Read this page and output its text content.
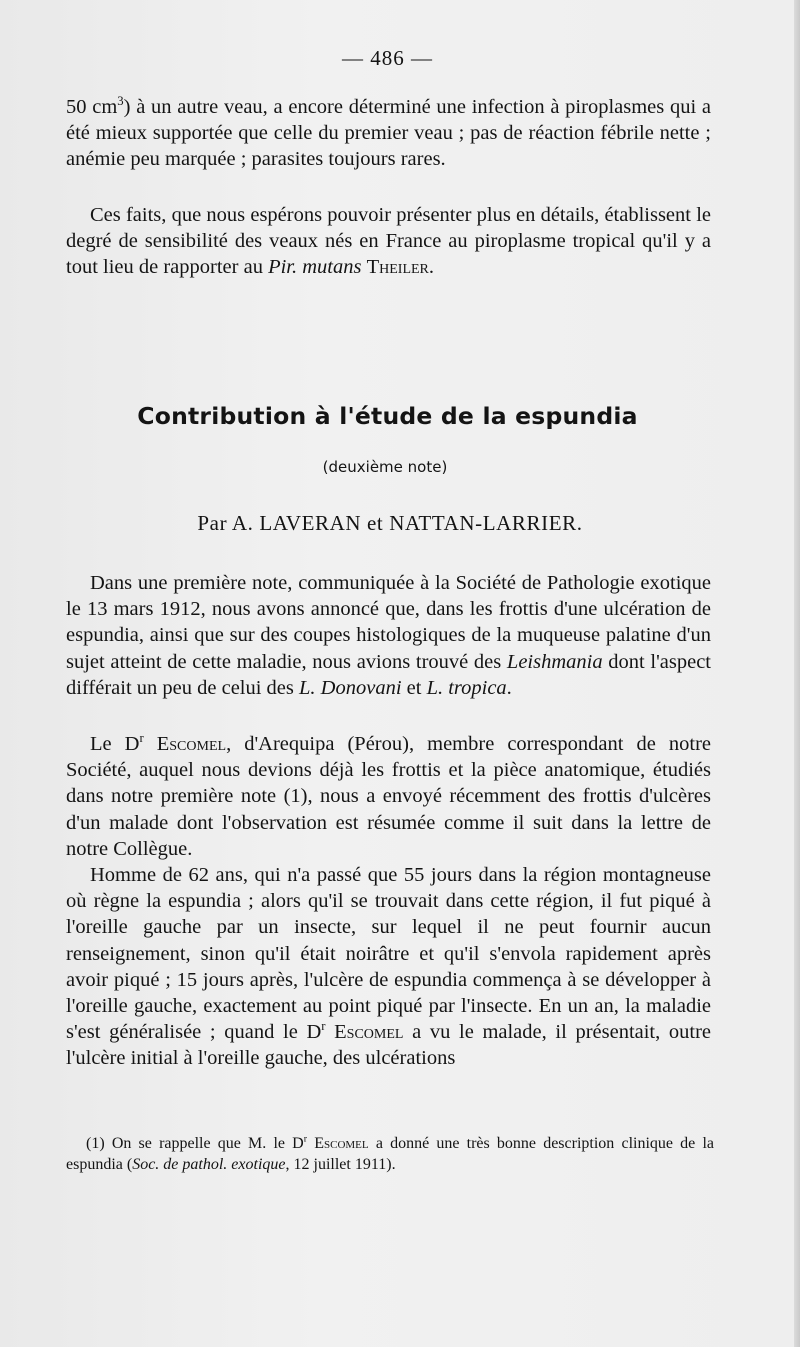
— 486 —

50 $cm^3$) à un autre veau, a encore déterminé une infection à piroplasmes qui a été mieux supportée que celle du premier veau ; pas de réaction fébrile nette ; anémie peu marquée ; parasites toujours rares.

Ces faits, que nous espérons pouvoir présenter plus en détails, établissent le degré de sensibilité des veaux nés en France au piroplasme tropical qu'il y a tout lieu de rapporter au Pir. mutans Theiler.

Contribution à l'étude de la espundia
(deuxième note)
Par A. LAVERAN et NATTAN-LARRIER.

Dans une première note, communiquée à la Société de Pathologie exotique le 13 mars 1912, nous avons annoncé que, dans les frottis d'une ulcération de espundia, ainsi que sur des coupes histologiques de la muqueuse palatine d'un sujet atteint de cette maladie, nous avions trouvé des Leishmania dont l'aspect différait un peu de celui des L. Donovani et L. tropica.

Le $D^r$ Escomel, d'Arequipa (Pérou), membre correspondant de notre Société, auquel nous devions déjà les frottis et la pièce anatomique, étudiés dans notre première note (1), nous a envoyé récemment des frottis d'ulcères d'un malade dont l'observation est résumée comme il suit dans la lettre de notre Collègue.

Homme de 62 ans, qui n'a passé que 55 jours dans la région montagneuse où règne la espundia ; alors qu'il se trouvait dans cette région, il fut piqué à l'oreille gauche par un insecte, sur lequel il ne peut fournir aucun renseignement, sinon qu'il était noirâtre et qu'il s'envola rapidement après avoir piqué ; 15 jours après, l'ulcère de espundia commença à se développer à l'oreille gauche, exactement au point piqué par l'insecte. En un an, la maladie s'est généralisée ; quand le $D^r$ Escomel a vu le malade, il présentait, outre l'ulcère initial à l'oreille gauche, des ulcérations

(1) On se rappelle que M. le $D^r$ Escomel a donné une très bonne description clinique de la espundia (Soc. de pathol. exotique, 12 juillet 1911).
